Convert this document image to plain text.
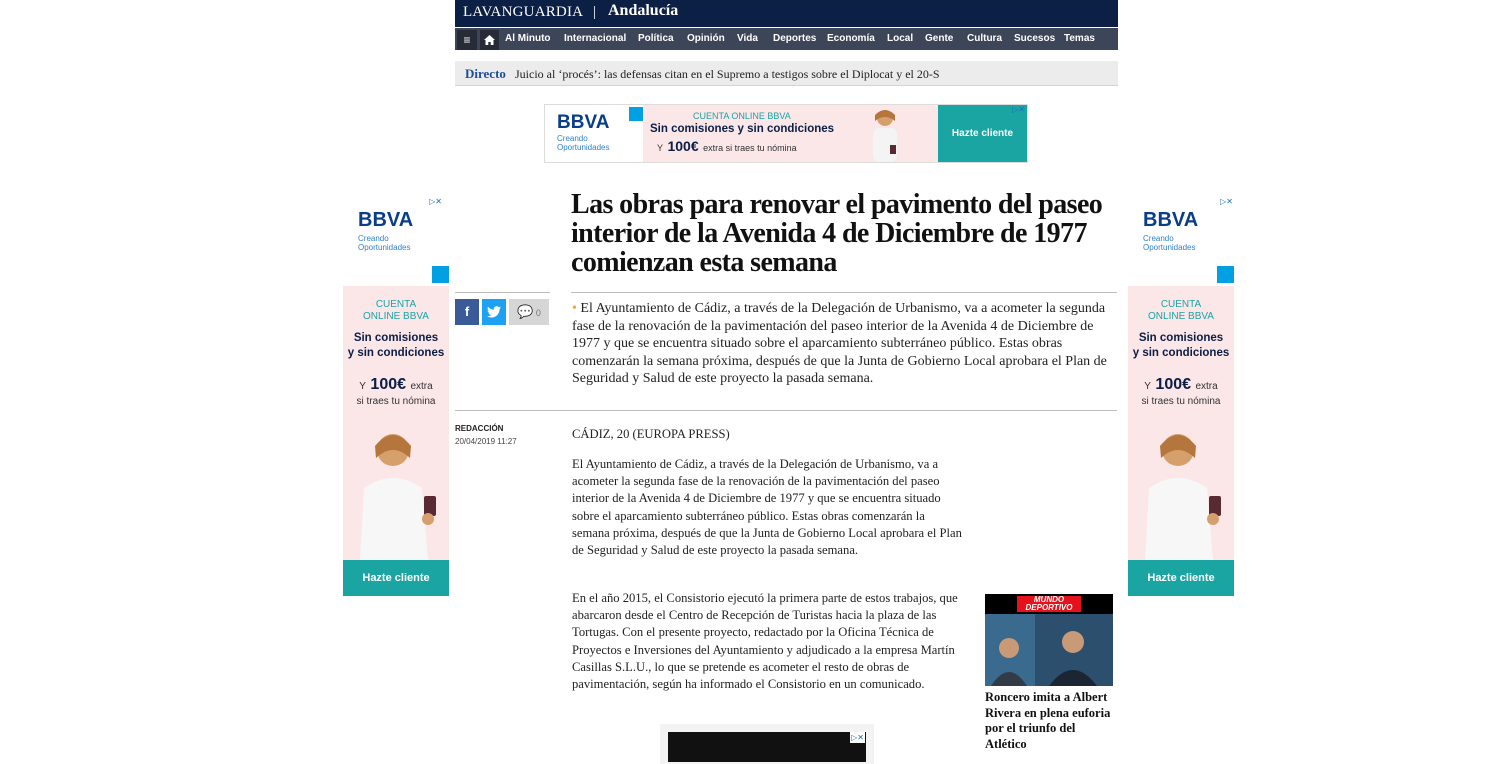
LAVANGUARDIA Andalucía
≡	Al Minuto Internacional Política Opinión Vida Deportes Economía Local Gente Cultura Sucesos Temas
Directo Juicio al ‘procés’: las defensas citan en el Supremo a testigos sobre el Diplocat y el 20-S
BBVA
Creando
Oportunidades
CUENTA ONLINE BBVA
Sin comisiones y sin condiciones
Y 100€ extra si traes tu nómina
Hazte cliente
▷✕
BBVA
Creando
Oportunidades
CUENTA
ONLINE BBVA
Sin comisiones
y sin condiciones
Y 100€ extra
si traes tu nómina
Hazte cliente
▷✕
BBVA
Creando
Oportunidades
CUENTA
ONLINE BBVA
Sin comisiones
y sin condiciones
Y 100€ extra
si traes tu nómina
Hazte cliente
▷✕
Las obras para renovar el pavimento del paseo interior de la Avenida 4 de Diciembre de 1977 comienzan esta semana
f	💬 0	• El Ayuntamiento de Cádiz, a través de la Delegación de Urbanismo, va a acometer la segunda fase de la renovación de la pavimentación del paseo interior de la Avenida 4 de Diciembre de 1977 y que se encuentra situado sobre el aparcamiento subterráneo público. Estas obras comenzarán la semana próxima, después de que la Junta de Gobierno Local aprobara el Plan de Seguridad y Salud de este proyecto la pasada semana.
REDACCIÓN
20/04/2019 11:27
CÁDIZ, 20 (EUROPA PRESS)
El Ayuntamiento de Cádiz, a través de la Delegación de Urbanismo, va a acometer la segunda fase de la renovación de la pavimentación del paseo interior de la Avenida 4 de Diciembre de 1977 y que se encuentra situado sobre el aparcamiento subterráneo público. Estas obras comenzarán la semana próxima, después de que la Junta de Gobierno Local aprobara el Plan de Seguridad y Salud de este proyecto la pasada semana.
En el año 2015, el Consistorio ejecutó la primera parte de estos trabajos, que abarcaron desde el Centro de Recepción de Turistas hacia la plaza de las Tortugas. Con el presente proyecto, redactado por la Oficina Técnica de Proyectos e Inversiones del Ayuntamiento y adjudicado a la empresa Martín Casillas S.L.U., lo que se pretende es acometer el resto de obras de pavimentación, según ha informado el Consistorio en un comunicado.
MUNDO DEPORTIVO
Roncero imita a Albert Rivera en plena euforia por el triunfo del Atlético
▷✕
